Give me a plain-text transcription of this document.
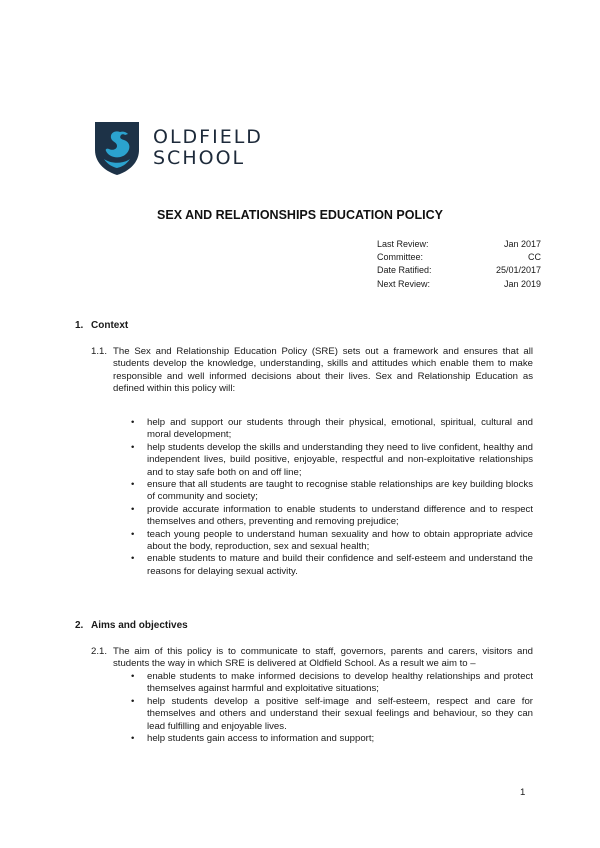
OLDFIELD
SCHOOL
SEX AND RELATIONSHIPS EDUCATION POLICY
Last Review:	Jan 2017
Committee:	CC
Date Ratified:	25/01/2017
Next Review:	Jan 2019
1. Context
1.1. The Sex and Relationship Education Policy (SRE) sets out a framework and ensures that all students develop the knowledge, understanding, skills and attitudes which enable them to make responsible and well informed decisions about their lives. Sex and Relationship Education as defined within this policy will:
• help and support our students through their physical, emotional, spiritual, cultural and moral development;
• help students develop the skills and understanding they need to live confident, healthy and independent lives, build positive, enjoyable, respectful and non-exploitative relationships and to stay safe both on and off line;
• ensure that all students are taught to recognise stable relationships are key building blocks of community and society;
• provide accurate information to enable students to understand difference and to respect themselves and others, preventing and removing prejudice;
• teach young people to understand human sexuality and how to obtain appropriate advice about the body, reproduction, sex and sexual health;
• enable students to mature and build their confidence and self-esteem and understand the reasons for delaying sexual activity.
2. Aims and objectives
2.1. The aim of this policy is to communicate to staff, governors, parents and carers, visitors and students the way in which SRE is delivered at Oldfield School. As a result we aim to –
• enable students to make informed decisions to develop healthy relationships and protect themselves against harmful and exploitative situations;
• help students develop a positive self-image and self-esteem, respect and care for themselves and others and understand their sexual feelings and behaviour, so they can lead fulfilling and enjoyable lives.
• help students gain access to information and support;
1
